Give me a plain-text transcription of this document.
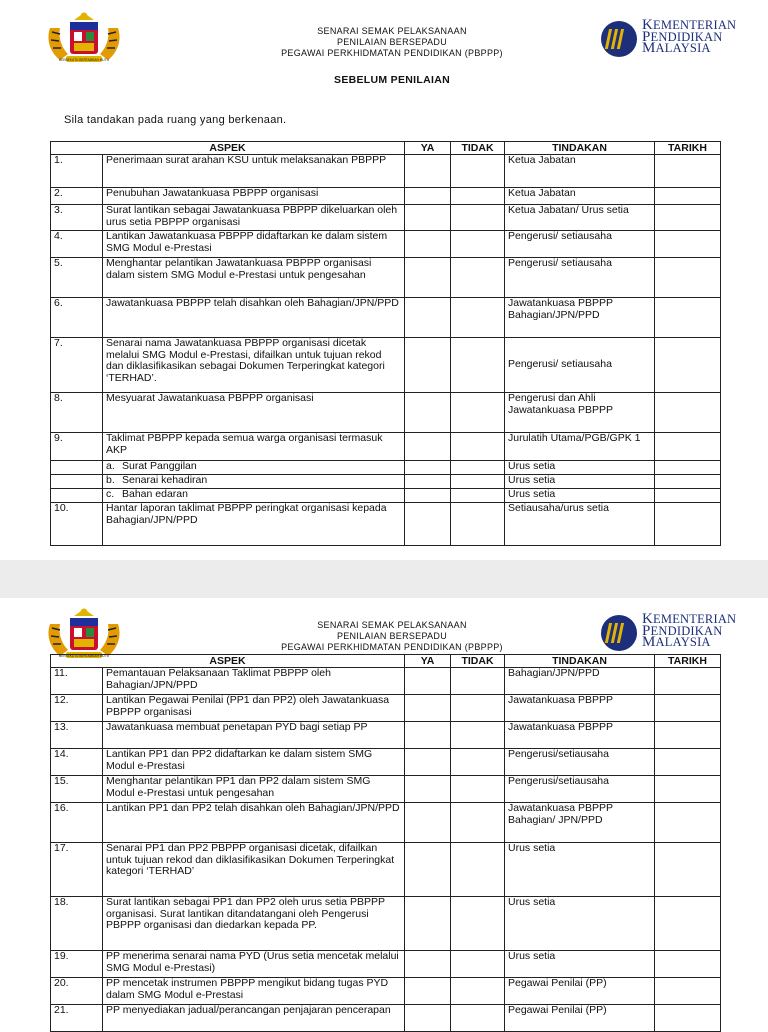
BERSEKUTU BERTAMBAH MUTU
SENARAI SEMAK PELAKSANAAN
PENILAIAN BERSEPADU
PEGAWAI PERKHIDMATAN PENDIDIKAN (PBPPP)
KEMENTERIAN
PENDIDIKAN
MALAYSIA
SEBELUM PENILAIAN
Sila tandakan pada ruang yang berkenaan.
ASPEK		YA	TIDAK	TINDAKAN	TARIKH
1.	Penerimaan surat arahan KSU untuk melaksanakan PBPPP			Ketua Jabatan	
2.	Penubuhan Jawatankuasa PBPPP organisasi			Ketua Jabatan	
3.	Surat lantikan sebagai Jawatankuasa PBPPP dikeluarkan oleh urus setia PBPPP organisasi			Ketua Jabatan/ Urus setia	
4.	Lantikan Jawatankuasa PBPPP didaftarkan ke dalam sistem SMG Modul e-Prestasi			Pengerusi/ setiausaha	
5.	Menghantar pelantikan Jawatankuasa PBPPP organisasi dalam sistem SMG Modul e-Prestasi untuk pengesahan			Pengerusi/ setiausaha	
6.	Jawatankuasa PBPPP telah disahkan oleh Bahagian/JPN/PPD			Jawatankuasa PBPPP Bahagian/JPN/PPD	
7.	Senarai nama Jawatankuasa PBPPP organisasi dicetak melalui SMG Modul e-Prestasi, difailkan untuk tujuan rekod dan diklasifikasikan sebagai Dokumen Terperingkat kategori ‘TERHAD’.			Pengerusi/ setiausaha	
8.	Mesyuarat Jawatankuasa PBPPP organisasi			Pengerusi dan Ahli Jawatankuasa PBPPP	
9.	Taklimat PBPPP kepada semua warga organisasi termasuk AKP			Jurulatih Utama/PGB/GPK 1	
	a. Surat Panggilan			Urus setia	
	b. Senarai kehadiran			Urus setia	
	c. Bahan edaran			Urus setia	
10.	Hantar laporan taklimat PBPPP peringkat organisasi kepada Bahagian/JPN/PPD			Setiausaha/urus setia	
BERSEKUTU BERTAMBAH MUTU
KEMENTERIAN
PENDIDIKAN
MALAYSIA
SENARAI SEMAK PELAKSANAAN
PENILAIAN BERSEPADU
PEGAWAI PERKHIDMATAN PENDIDIKAN (PBPPP)
ASPEK		YA	TIDAK	TINDAKAN	TARIKH
11.	Pemantauan Pelaksanaan Taklimat PBPPP oleh Bahagian/JPN/PPD			Bahagian/JPN/PPD	
12.	Lantikan Pegawai Penilai (PP1 dan PP2) oleh Jawatankuasa PBPPP organisasi			Jawatankuasa PBPPP	
13.	Jawatankuasa membuat penetapan PYD bagi setiap PP			Jawatankuasa PBPPP	
14.	Lantikan PP1 dan PP2 didaftarkan ke dalam sistem SMG Modul e-Prestasi			Pengerusi/setiausaha	
15.	Menghantar pelantikan PP1 dan PP2 dalam sistem SMG Modul e-Prestasi untuk pengesahan			Pengerusi/setiausaha	
16.	Lantikan PP1 dan PP2 telah disahkan oleh Bahagian/JPN/PPD			Jawatankuasa PBPPP Bahagian/ JPN/PPD	
17.	Senarai PP1 dan PP2 PBPPP organisasi dicetak, difailkan untuk tujuan rekod dan diklasifikasikan Dokumen Terperingkat kategori ‘TERHAD’			Urus setia	
18.	Surat lantikan sebagai PP1 dan PP2 oleh urus setia PBPPP organisasi. Surat lantikan ditandatangani oleh Pengerusi PBPPP organisasi dan diedarkan kepada PP.			Urus setia	
19.	PP menerima senarai nama PYD (Urus setia mencetak melalui SMG Modul e-Prestasi)			Urus setia	
20.	PP mencetak instrumen PBPPP mengikut bidang tugas PYD dalam SMG Modul e-Prestasi			Pegawai Penilai (PP)	
21.	PP menyediakan jadual/perancangan penjajaran pencerapan			Pegawai Penilai (PP)	
